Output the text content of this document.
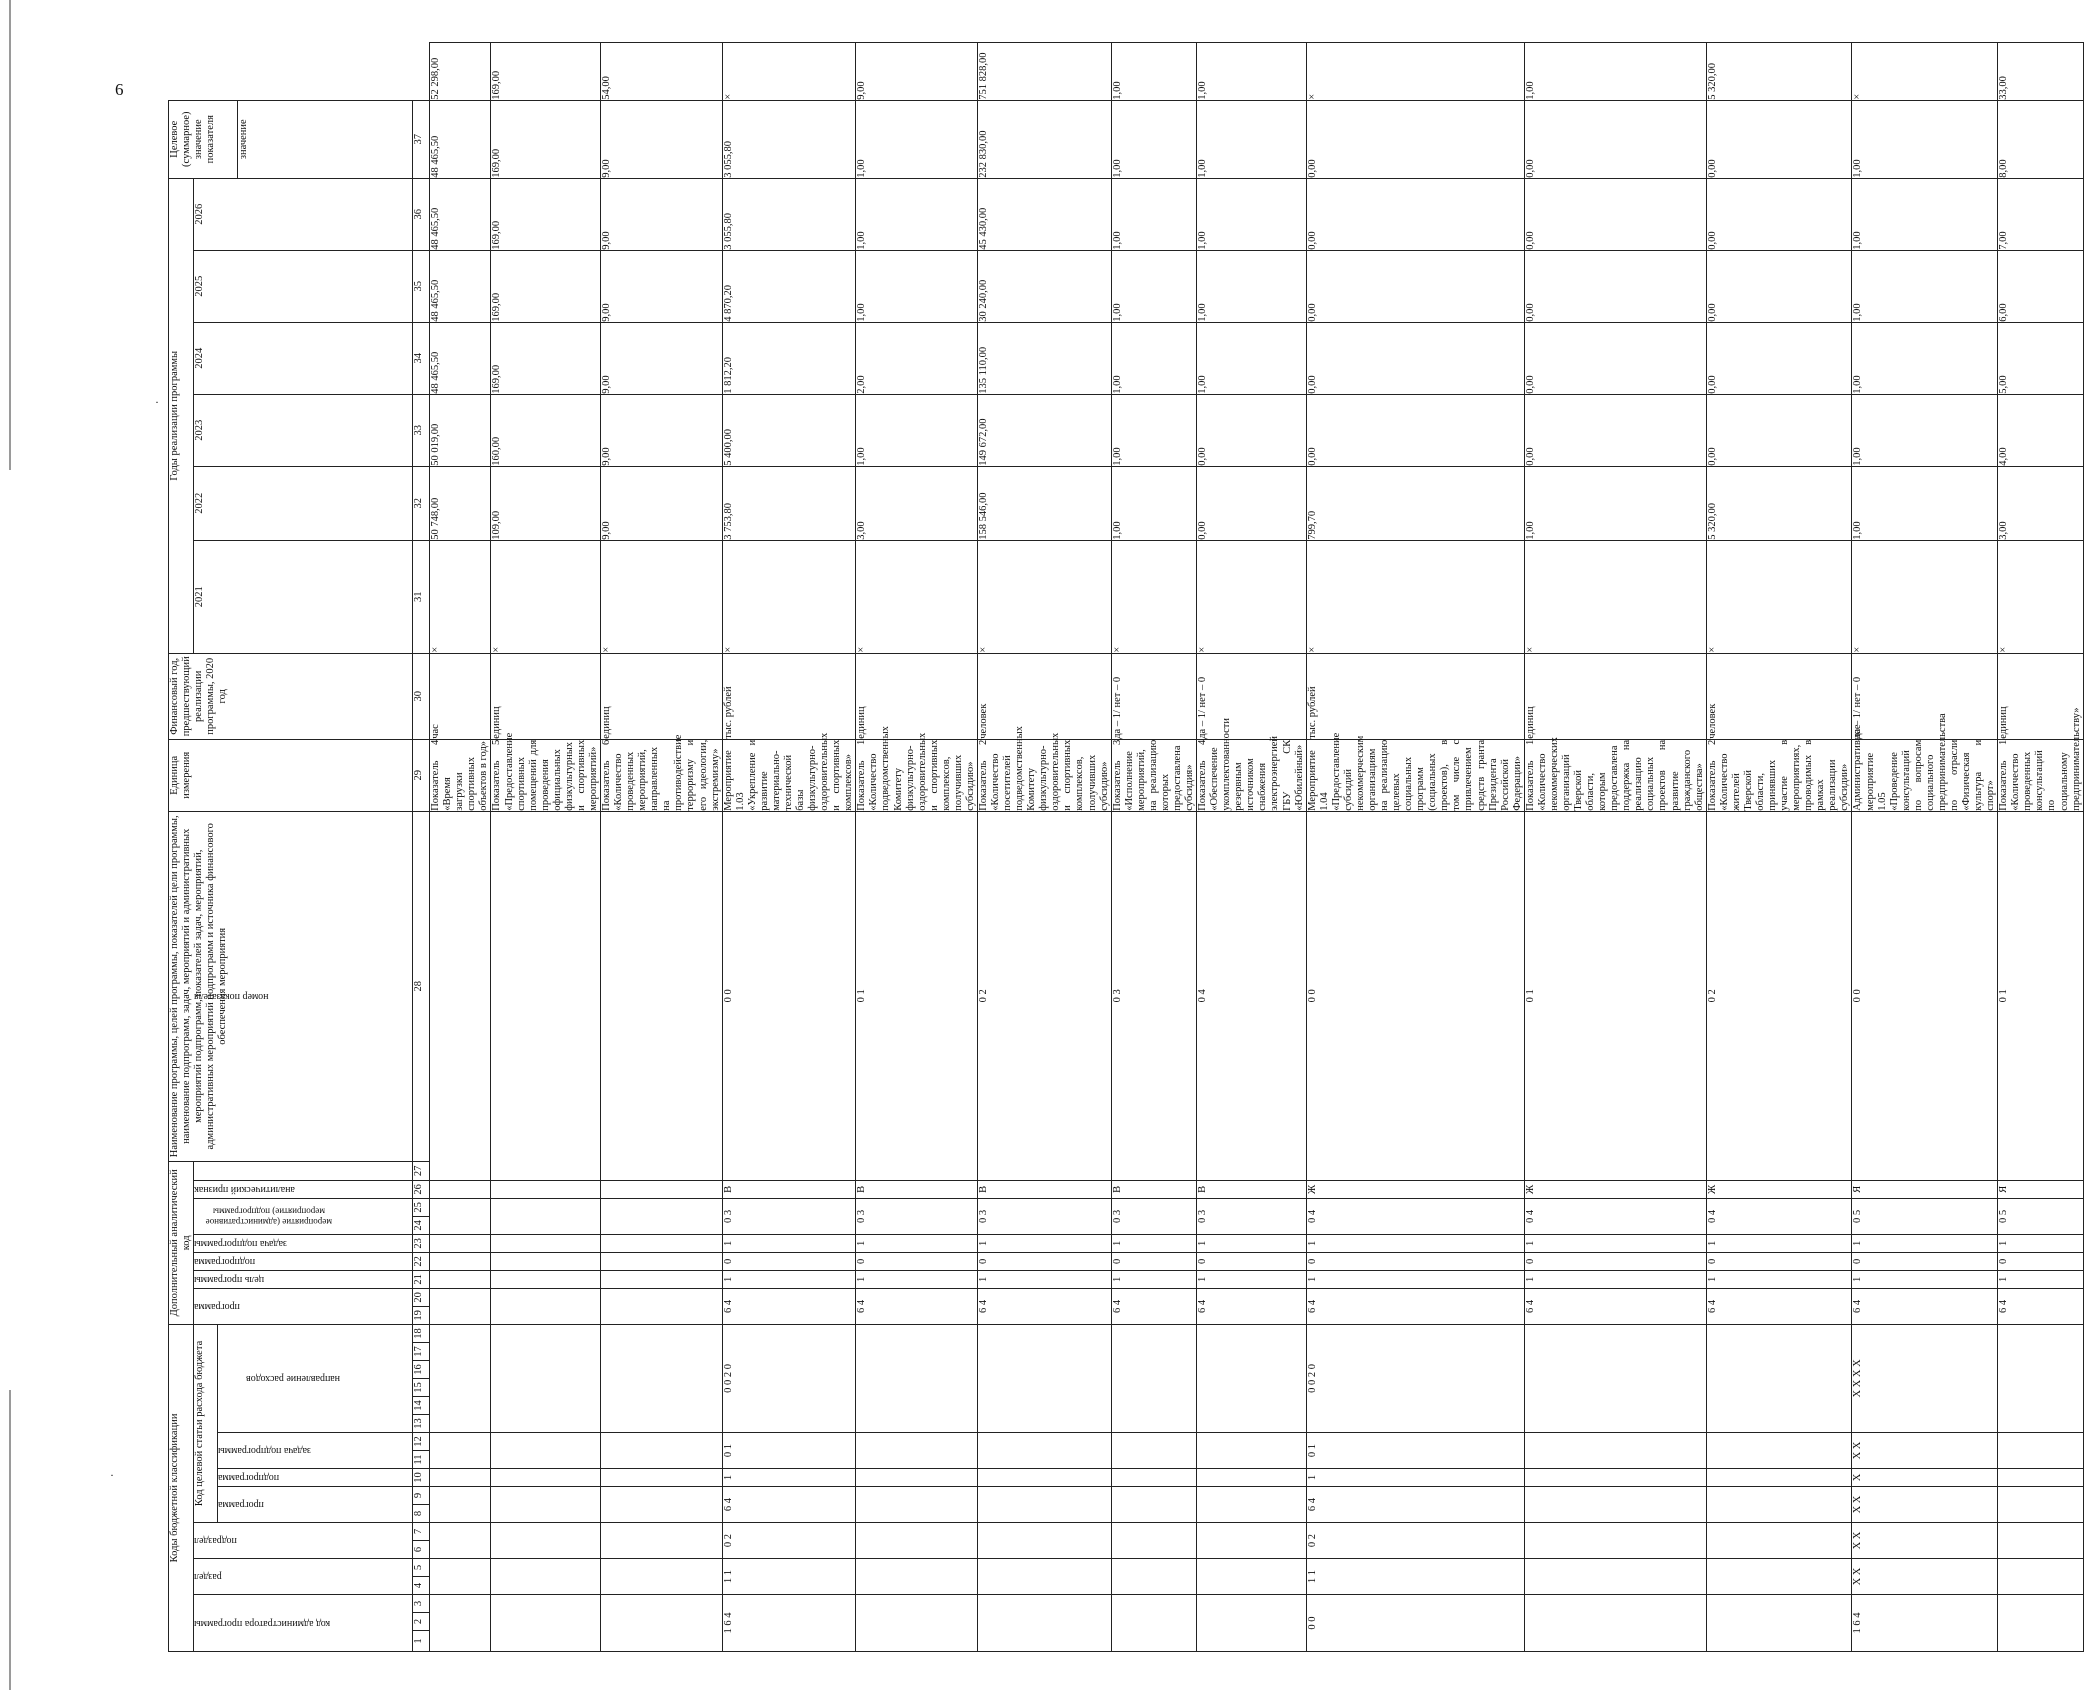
6
·
·	Коды бюджетной классификации																		Дополнительный аналитический код									Наименование программы, целей программы, показателей цели программы, наименование подпрограмм, задач, мероприятий и административных мероприятий подпрограмм, показателей задач, мероприятий, административных мероприятий подпрограмм и источника финансового обеспечения мероприятия	Единица измерения	Финансовый год, предшествующий реализации программы, 2020 год	Годы реализации программы						Целевое (суммарное) значение показателя	

код администратора программы			раздел		подраздел		Код целевой статьи расхода бюджета											программа		цель программы	подпрограмма	задача подпрограммы	мероприятие (административное мероприятие) подпрограммы		аналитический признак	номер показателя				2021	2022	2023	2024	2025	2026		

							программа		подпрограмма	задача подпрограммы		направление расходов																									

																																				значение	
1	2	3	4	5	6	7	8	9	10	11	12	13	14	15	16	17	18	19	20	21	22	23	24	25	26	27	28	29	30	31	32	33	34	35	36	37	
																												Показатель 4 «Время загрузки спортивных объектов в год»	час	×	50 748,00	50 019,00	48 465,50	48 465,50	48 465,50	48 465,50	52 298,00
																												Показатель 5 «Предоставление спортивных помещений для проведения официальных физкультурных и спортивных мероприятий»	единиц	×	109,00	160,00	169,00	169,00	169,00	169,00	169,00
																												Показатель 6 «Количество проведенных мероприятий, направленных на противодействие терроризму и его идеологии, экстремизму»	единиц	×	9,00	9,00	9,00	9,00	9,00	9,00	54,00
1 6 4			1 1		0 2		6 4		1	0 1		0 0 2 0						6 4		1	0	1	0 3		В	0 0		Мероприятие 1.03 «Укрепление и развитие материально-технической базы физкультурно-оздоровительных и спортивных комплексов»	тыс. рублей	×	3 753,80	5 400,00	1 812,20	4 870,20	3 055,80	3 055,80	×
																		6 4		1	0	1	0 3		В	0 1		Показатель 1 «Количество подведомственных Комитету физкультурно-оздоровительных и спортивных комплексов, получивших субсидию»	единиц	×	3,00	1,00	2,00	1,00	1,00	1,00	9,00
																		6 4		1	0	1	0 3		В	0 2		Показатель 2 «Количество посетителей подведомственных Комитету физкультурно-оздоровительных и спортивных комплексов, получивших субсидию»	человек	×	158 546,00	149 672,00	135 110,00	30 240,00	45 430,00	232 830,00	751 828,00
																		6 4		1	0	1	0 3		В	0 3		Показатель 3 «Исполнение мероприятий, на реализацию которых предоставлена субсидия»	да – 1/ нет – 0	×	1,00	1,00	1,00	1,00	1,00	1,00	1,00
																		6 4		1	0	1	0 3		В	0 4		Показатель 4 «Обеспечение укомплектованности резервным источником снабжения электроэнергией ГБУ СК «Юбилейный»	да – 1/ нет – 0	×	0,00	0,00	1,00	1,00	1,00	1,00	1,00
0 0			1 1		0 2		6 4		1	0 1		0 0 2 0						6 4		1	0	1	0 4		Ж	0 0		Мероприятие 1.04 «Предоставление субсидий некоммерческим организациям на реализацию целевых социальных программ (социальных проектов), в том числе с привлечением средств гранта Президента Российской Федерации»	тыс. рублей	×	799,70	0,00	0,00	0,00	0,00	0,00	×
																		6 4		1	0	1	0 4		Ж	0 1		Показатель 1 «Количество некоммерческих организаций Тверской области, которым предоставлена поддержка на реализацию социальных проектов на развитие гражданского общества»	единиц	×	1,00	0,00	0,00	0,00	0,00	0,00	1,00
																		6 4		1	0	1	0 4		Ж	0 2		Показатель 2 «Количество жителей Тверской области, принявших участие в мероприятиях, проводимых в рамках реализации субсидии»	человек	×	5 320,00	0,00	0,00	0,00	0,00	0,00	5 320,00
1 6 4			X X		X X		X X		X	X X		X X X X						6 4		1	0	1	0 5		Я	0 0		Административное мероприятие 1.05 «Проведение консультаций по вопросам социального предпринимательства по отрасли «Физическая культура и спорт»	да – 1/ нет – 0	×	1,00	1,00	1,00	1,00	1,00	1,00	×
																		6 4		1	0	1	0 5		Я	0 1		Показатель 1 «Количество проведенных консультаций по социальному предпринимательству»	единиц	×	3,00	4,00	5,00	6,00	7,00	8,00	33,00
